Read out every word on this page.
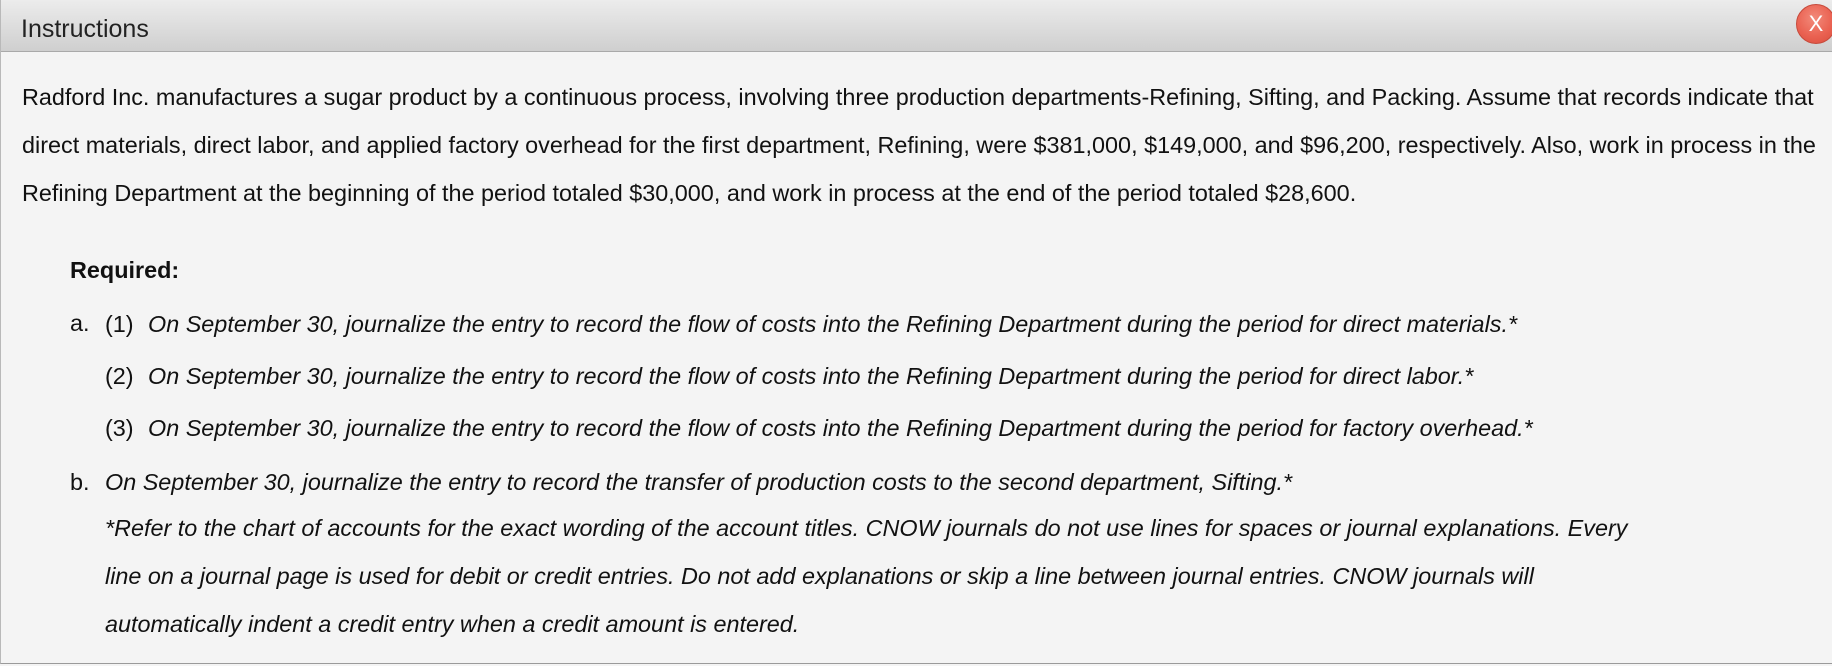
Instructions	X

Radford Inc. manufactures a sugar product by a continuous process, involving three production departments-Refining, Sifting, and Packing. Assume that records indicate that direct materials, direct labor, and applied factory overhead for the first department, Refining, were $381,000, $149,000, and $96,200, respectively. Also, work in process in the Refining Department at the beginning of the period totaled $30,000, and work in process at the end of the period totaled $28,600.

Required:
a. (1) On September 30, journalize the entry to record the flow of costs into the Refining Department during the period for direct materials.*
(2) On September 30, journalize the entry to record the flow of costs into the Refining Department during the period for direct labor.*
(3) On September 30, journalize the entry to record the flow of costs into the Refining Department during the period for factory overhead.*
b. On September 30, journalize the entry to record the transfer of production costs to the second department, Sifting.*

*Refer to the chart of accounts for the exact wording of the account titles. CNOW journals do not use lines for spaces or journal explanations. Every line on a journal page is used for debit or credit entries. Do not add explanations or skip a line between journal entries. CNOW journals will automatically indent a credit entry when a credit amount is entered.
